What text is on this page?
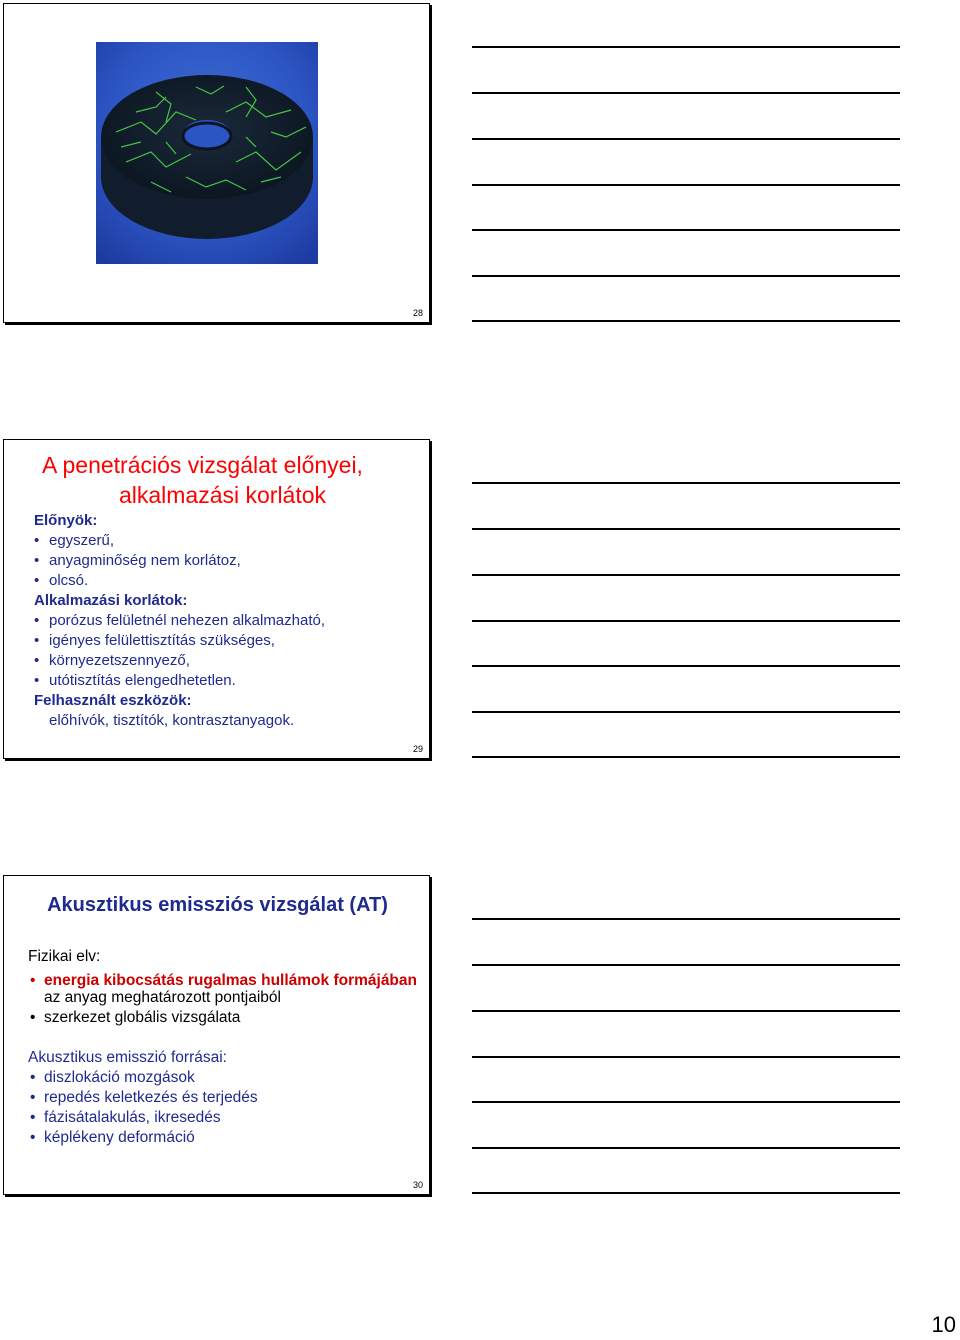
28
A penetrációs vizsgálat előnyei,
alkalmazási korlátok
Előnyök:
• egyszerű,
• anyagminőség nem korlátoz,
• olcsó.
Alkalmazási korlátok:
• porózus felületnél nehezen alkalmazható,
• igényes felülettisztítás szükséges,
• környezetszennyező,
• utótisztítás elengedhetetlen.
Felhasznált eszközök:
előhívók, tisztítók, kontrasztanyagok.
29
Akusztikus emissziós vizsgálat (AT)
Fizikai elv:
• energia kibocsátás rugalmas hullámok formájában az anyag meghatározott pontjaiból
• szerkezet globális vizsgálata
Akusztikus emisszió forrásai:
• diszlokáció mozgások
• repedés keletkezés és terjedés
• fázisátalakulás, ikresedés
• képlékeny deformáció
30
10
